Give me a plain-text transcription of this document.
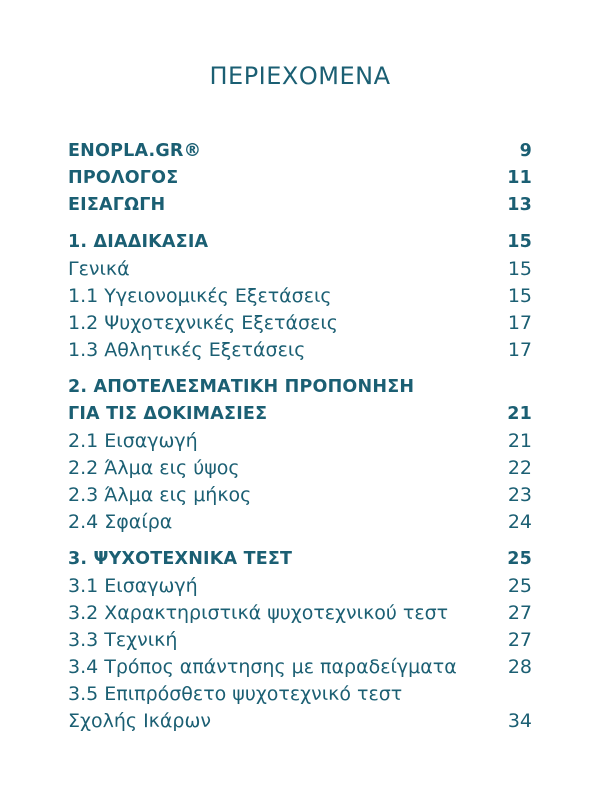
ΠΕΡΙΕΧΟΜΕΝΑ
ENOPLA.GR®	9
ΠΡΟΛΟΓΟΣ	11
ΕΙΣΑΓΩΓΗ	13
1. ΔΙΑΔΙΚΑΣΙΑ	15
Γενικά	15
1.1 Υγειονομικές Εξετάσεις	15
1.2 Ψυχοτεχνικές Εξετάσεις	17
1.3 Αθλητικές Εξετάσεις	17
2. ΑΠΟΤΕΛΕΣΜΑΤΙΚΗ ΠΡΟΠΟΝΗΣΗ
ΓΙΑ ΤΙΣ ΔΟΚΙΜΑΣΙΕΣ	21
2.1 Εισαγωγή	21
2.2 Άλμα εις ύψος	22
2.3 Άλμα εις μήκος	23
2.4 Σφαίρα	24
3. ΨΥΧΟΤΕΧΝΙΚΑ ΤΕΣΤ	25
3.1 Εισαγωγή	25
3.2 Χαρακτηριστικά ψυχοτεχνικού τεστ	27
3.3 Τεχνική	27
3.4 Τρόπος απάντησης με παραδείγματα	28
3.5 Επιπρόσθετο ψυχοτεχνικό τεστ
Σχολής Ικάρων	34
